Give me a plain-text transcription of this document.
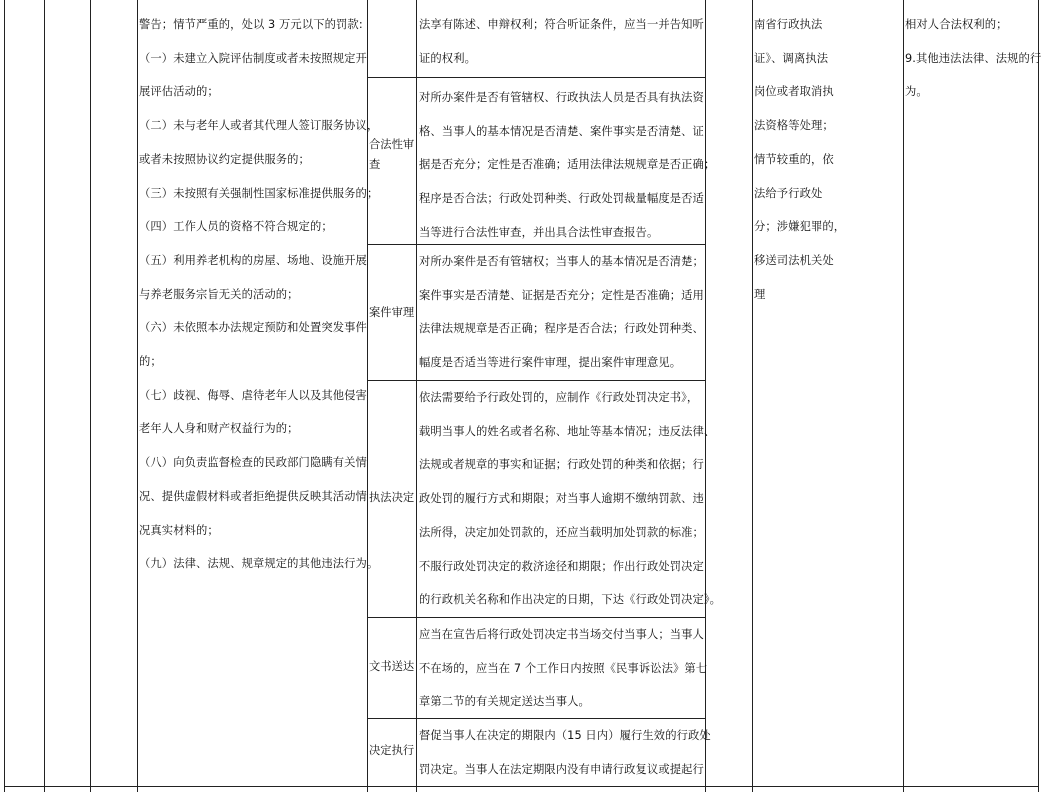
警告；情节严重的，处以 3 万元以下的罚款:
（一）未建立入院评估制度或者未按照规定开
展评估活动的；
（二）未与老年人或者其代理人签订服务协议，
或者未按照协议约定提供服务的；
（三）未按照有关强制性国家标准提供服务的；
（四）工作人员的资格不符合规定的；
（五）利用养老机构的房屋、场地、设施开展
与养老服务宗旨无关的活动的；
（六）未依照本办法规定预防和处置突发事件
的；
（七）歧视、侮辱、虐待老年人以及其他侵害
老年人人身和财产权益行为的；
（八）向负责监督检查的民政部门隐瞒有关情
况、提供虚假材料或者拒绝提供反映其活动情
况真实材料的；
（九）法律、法规、规章规定的其他违法行为。
合法性审
查
案件审理
执法决定
文书送达
决定执行
法享有陈述、申辩权利；符合听证条件，应当一并告知听
证的权利。
对所办案件是否有管辖权、行政执法人员是否具有执法资
格、当事人的基本情况是否清楚、案件事实是否清楚、证
据是否充分；定性是否准确；适用法律法规规章是否正确；
程序是否合法；行政处罚种类、行政处罚裁量幅度是否适
当等进行合法性审查，并出具合法性审查报告。
对所办案件是否有管辖权；当事人的基本情况是否清楚；
案件事实是否清楚、证据是否充分；定性是否准确；适用
法律法规规章是否正确；程序是否合法；行政处罚种类、
幅度是否适当等进行案件审理，提出案件审理意见。
依法需要给予行政处罚的，应制作《行政处罚决定书》，
载明当事人的姓名或者名称、地址等基本情况；违反法律、
法规或者规章的事实和证据；行政处罚的种类和依据；行
政处罚的履行方式和期限；对当事人逾期不缴纳罚款、违
法所得，决定加处罚款的，还应当载明加处罚款的标准；
不服行政处罚决定的救济途径和期限；作出行政处罚决定
的行政机关名称和作出决定的日期，下达《行政处罚决定》。
应当在宣告后将行政处罚决定书当场交付当事人；当事人
不在场的，应当在 7 个工作日内按照《民事诉讼法》第七
章第二节的有关规定送达当事人。
督促当事人在决定的期限内（15 日内）履行生效的行政处
罚决定。当事人在法定期限内没有申请行政复议或提起行
南省行政执法
证》、调离执法
岗位或者取消执
法资格等处理；
情节较重的，依
法给予行政处
分；涉嫌犯罪的，
移送司法机关处
理
相对人合法权利的；
9.其他违法法律、法规的行
为。
